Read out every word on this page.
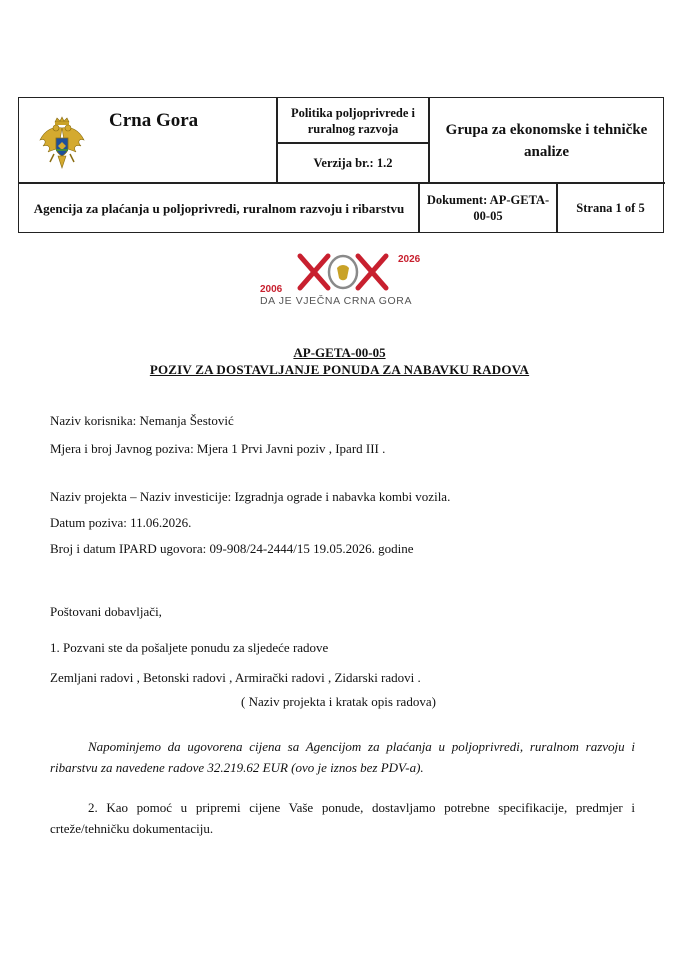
Crna Gora	Politika poljoprivrede i ruralnog razvoja
Verzija br.: 1.2
Grupa za ekonomske i tehničke analize
Agencija za plaćanja u poljoprivredi, ruralnom razvoju i ribarstvu
Dokument: AP-GETA-00-05
Strana 1 of 5
2006
2026
DA JE VJEČNA CRNA GORA
AP-GETA-00-05
POZIV ZA DOSTAVLJANJE PONUDA ZA NABAVKU RADOVA
Naziv korisnika: Nemanja Šestović
Mjera i broj Javnog poziva: Mjera 1 Prvi Javni poziv , Ipard III .
Naziv projekta – Naziv investicije: Izgradnja ograde i nabavka kombi vozila.
Datum poziva: 11.06.2026.
Broj i datum IPARD ugovora: 09-908/24-2444/15 19.05.2026. godine
Poštovani dobavljači,
1. Pozvani ste da pošaljete ponudu za sljedeće radove
Zemljani radovi , Betonski radovi , Armirački radovi , Zidarski radovi .
( Naziv projekta i kratak opis radova)
Napominjemo da ugovorena cijena sa Agencijom za plaćanja u poljoprivredi, ruralnom razvoju i ribarstvu za navedene radove 32.219.62 EUR (ovo je iznos bez PDV-a).
2. Kao pomoć u pripremi cijene Vaše ponude, dostavljamo potrebne specifikacije, predmjer i crteže/tehničku dokumentaciju.
